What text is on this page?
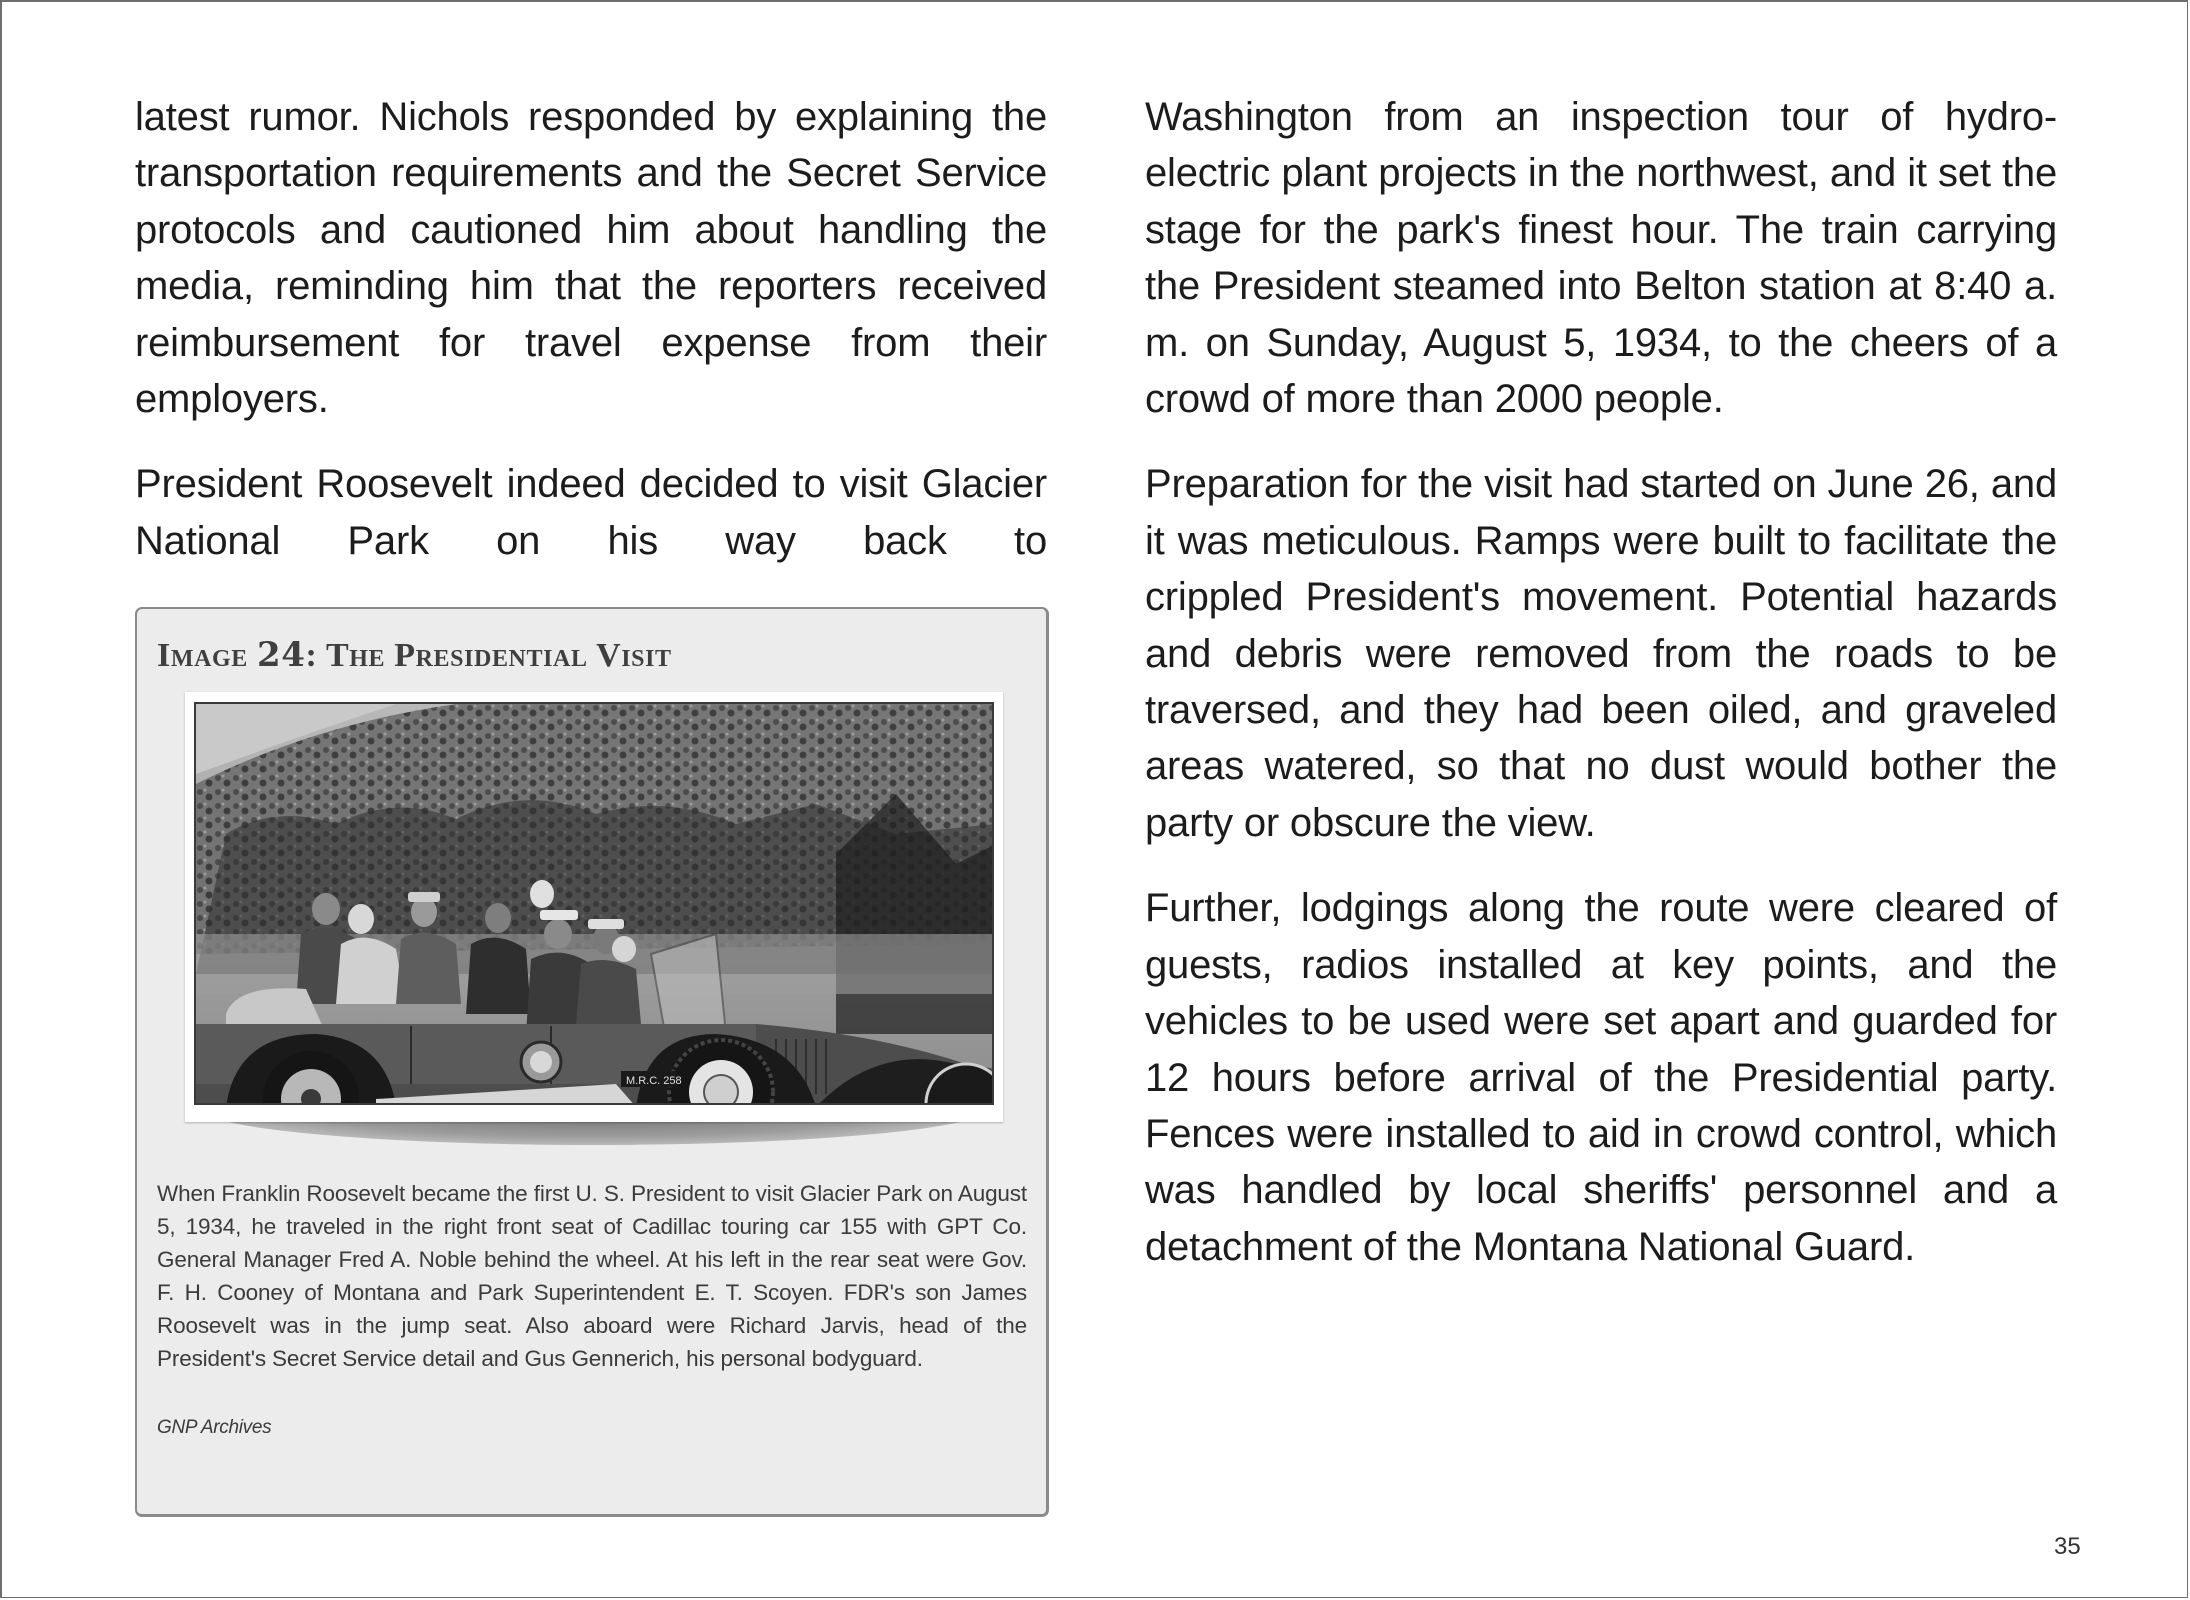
latest rumor. Nichols responded by explaining the transportation requirements and the Secret Service protocols and cautioned him about handling the media, reminding him that the reporters received reimbursement for travel expense from their employers.

President Roosevelt indeed decided to visit Glacier National Park on his way back to

Image 24: The Presidential Visit
M.R.C. 258

When Franklin Roosevelt became the first U. S. President to visit Glacier Park on August 5, 1934, he traveled in the right front seat of Cadillac touring car 155 with GPT Co. General Manager Fred A. Noble behind the wheel. At his left in the rear seat were Gov. F. H. Cooney of Montana and Park Superintendent E. T. Scoyen. FDR's son James Roosevelt was in the jump seat. Also aboard were Richard Jarvis, head of the President's Secret Service detail and Gus Gennerich, his personal bodyguard.

GNP Archives

Washington from an inspection tour of hydro-electric plant projects in the northwest, and it set the stage for the park's finest hour. The train carrying the President steamed into Belton station at 8:40 a. m. on Sunday, August 5, 1934, to the cheers of a crowd of more than 2000 people.

Preparation for the visit had started on June 26, and it was meticulous. Ramps were built to facilitate the crippled President's movement. Potential hazards and debris were removed from the roads to be traversed, and they had been oiled, and graveled areas watered, so that no dust would bother the party or obscure the view.

Further, lodgings along the route were cleared of guests, radios installed at key points, and the vehicles to be used were set apart and guarded for 12 hours before arrival of the Presidential party. Fences were installed to aid in crowd control, which was handled by local sheriffs' personnel and a detachment of the Montana National Guard.

35
